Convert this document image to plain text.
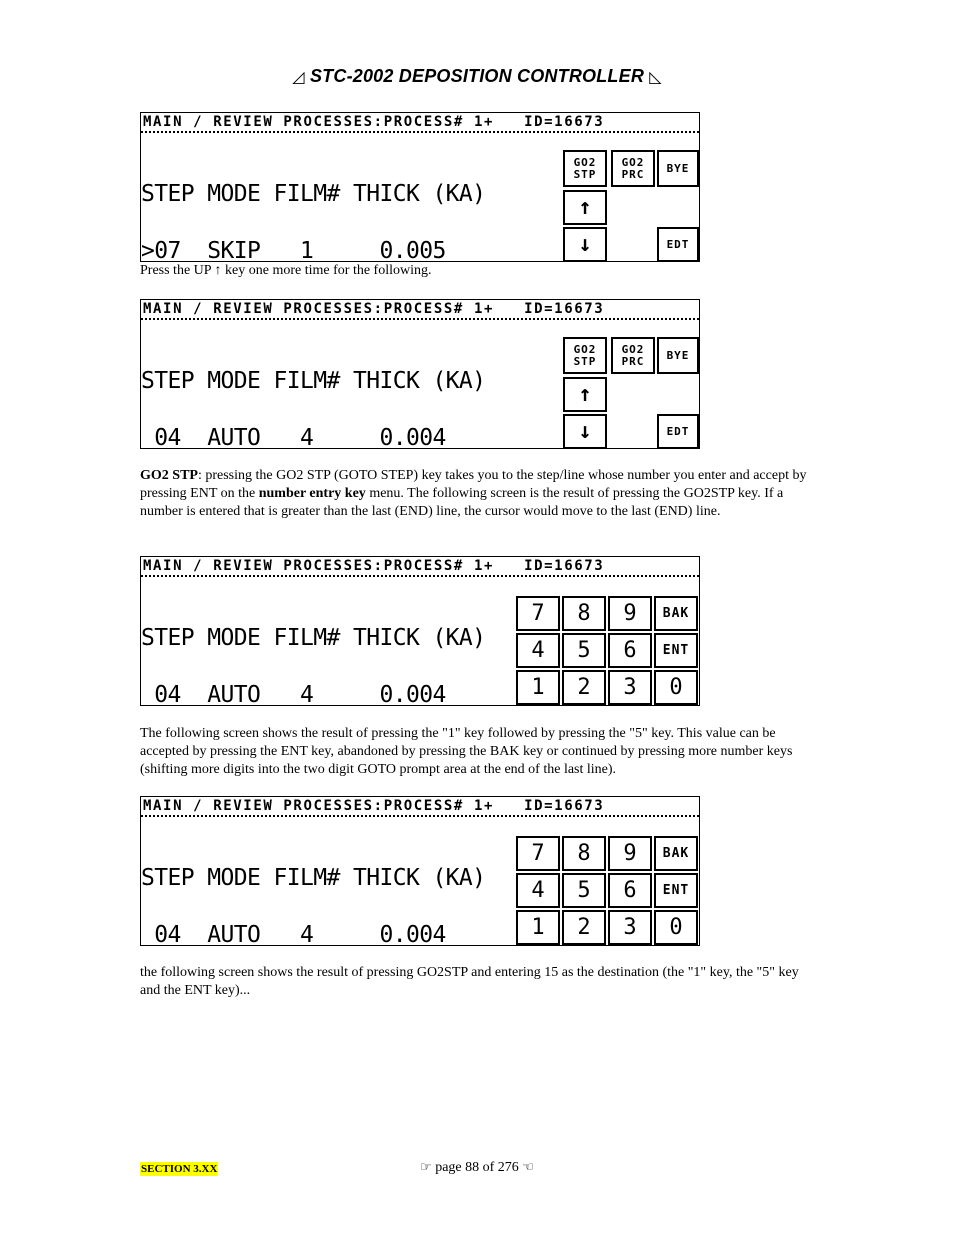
◿ STC-2002 DEPOSITION CONTROLLER ◺
MAIN / REVIEW PROCESSES:PROCESS# 1+   ID=16673

STEP MODE FILM# THICK (KA)

>07  SKIP   1     0.005

GO2
STP
GO2
PRC	BYE
↑
↓	EDT
Press the UP ↑ key one more time for the following.
MAIN / REVIEW PROCESSES:PROCESS# 1+   ID=16673

STEP MODE FILM# THICK (KA)

04  AUTO   4     0.004

GO2
STP
GO2
PRC	BYE
↑
↓	EDT
GO2 STP: pressing the GO2 STP (GOTO STEP) key takes you to the step/line whose number you enter and accept by pressing ENT on the number entry key menu. The following screen is the result of pressing the GO2STP key. If a number is entered that is greater than the last (END) line, the cursor would move to the last (END) line.
MAIN / REVIEW PROCESSES:PROCESS# 1+   ID=16673

STEP MODE FILM# THICK (KA)

04  AUTO   4     0.004

7	8	9	BAK
4	5	6	ENT
1	2	3	0
The following screen shows the result of pressing the "1" key followed by pressing the "5" key. This value can be accepted by pressing the ENT key, abandoned by pressing the BAK key or continued by pressing more number keys (shifting more digits into the two digit GOTO prompt area at the end of the last line).
MAIN / REVIEW PROCESSES:PROCESS# 1+   ID=16673

STEP MODE FILM# THICK (KA)

04  AUTO   4     0.004

7	8	9	BAK
4	5	6	ENT
1	2	3	0
the following screen shows the result of pressing GO2STP and entering 15 as the destination (the "1" key, the "5" key and the ENT key)...
SECTION 3.XX	☞ page 88 of 276 ☜
